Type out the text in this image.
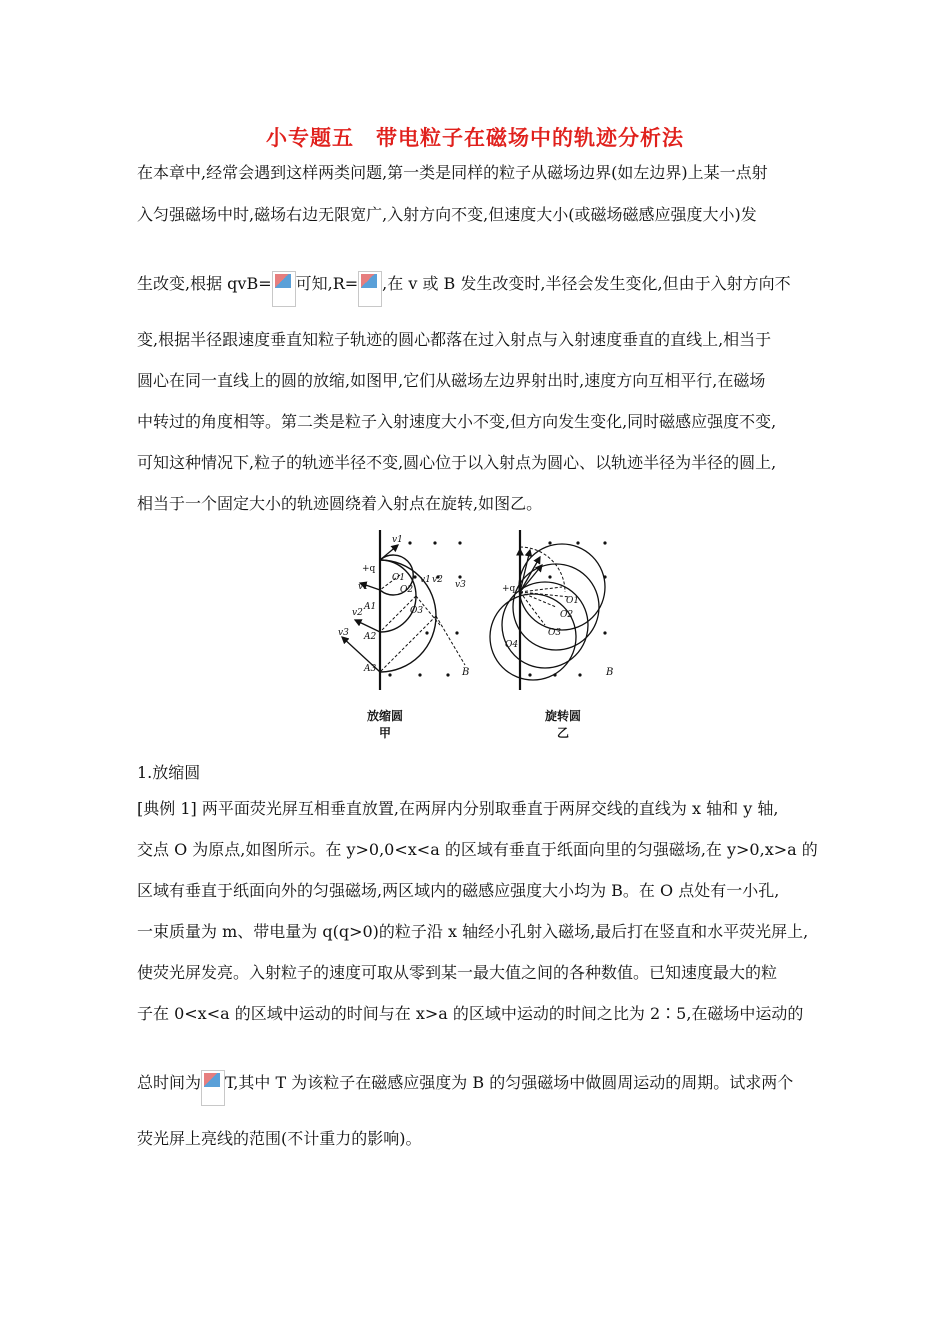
小专题五　带电粒子在磁场中的轨迹分析法
在本章中,经常会遇到这样两类问题,第一类是同样的粒子从磁场边界(如左边界)上某一点射
入匀强磁场中时,磁场右边无限宽广,入射方向不变,但速度大小(或磁场磁感应强度大小)发
生改变,根据 qvB= 可知,R= ,在 v 或 B 发生改变时,半径会发生变化,但由于入射方向不
变,根据半径跟速度垂直知粒子轨迹的圆心都落在过入射点与入射速度垂直的直线上,相当于
圆心在同一直线上的圆的放缩,如图甲,它们从磁场左边界射出时,速度方向互相平行,在磁场
中转过的角度相等。第二类是粒子入射速度大小不变,但方向发生变化,同时磁感应强度不变,
可知这种情况下,粒子的轨迹半径不变,圆心位于以入射点为圆心、以轨迹半径为半径的圆上,
相当于一个固定大小的轨迹圆绕着入射点在旋转,如图乙。
+q
v1
v1
v2
v3
v1 v2 v3
O1
O2
O3
A1
A2
A3	B
+q
O1
O2
O3
O4
B
放缩圆
甲
旋转圆
乙
1.放缩圆
[典例 1] 两平面荧光屏互相垂直放置,在两屏内分别取垂直于两屏交线的直线为 x 轴和 y 轴,
交点 O 为原点,如图所示。在 y>0,0<x<a 的区域有垂直于纸面向里的匀强磁场,在 y>0,x>a 的
区域有垂直于纸面向外的匀强磁场,两区域内的磁感应强度大小均为 B。在 O 点处有一小孔,
一束质量为 m、带电量为 q(q>0)的粒子沿 x 轴经小孔射入磁场,最后打在竖直和水平荧光屏上,
使荧光屏发亮。入射粒子的速度可取从零到某一最大值之间的各种数值。已知速度最大的粒
子在 0<x<a 的区域中运动的时间与在 x>a 的区域中运动的时间之比为 2∶5,在磁场中运动的
总时间为 T,其中 T 为该粒子在磁感应强度为 B 的匀强磁场中做圆周运动的周期。试求两个
荧光屏上亮线的范围(不计重力的影响)。
